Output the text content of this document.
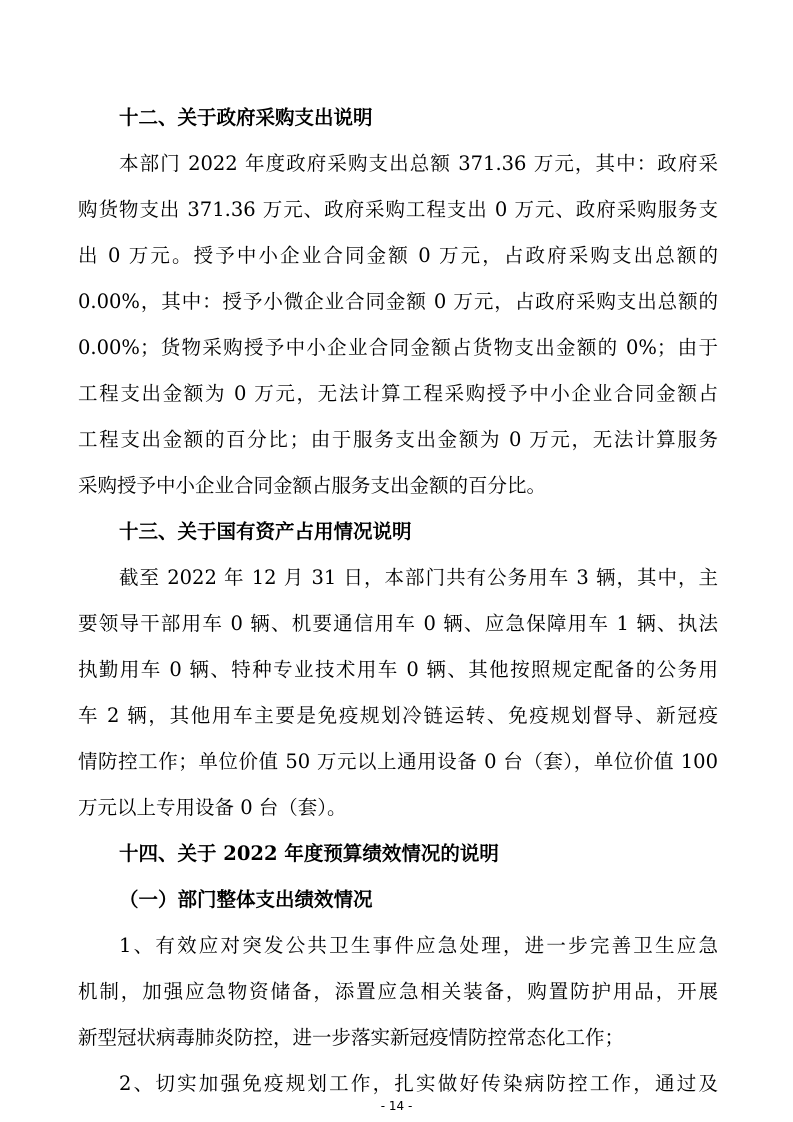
十二、关于政府采购支出说明
本部门 2022 年度政府采购支出总额 371.36 万元，其中：政府采
购货物支出 371.36 万元、政府采购工程支出 0 万元、政府采购服务支
出 0 万元。授予中小企业合同金额 0 万元，占政府采购支出总额的
0.00%，其中：授予小微企业合同金额 0 万元，占政府采购支出总额的
0.00%；货物采购授予中小企业合同金额占货物支出金额的 0%；由于
工程支出金额为 0 万元，无法计算工程采购授予中小企业合同金额占
工程支出金额的百分比；由于服务支出金额为 0 万元，无法计算服务
采购授予中小企业合同金额占服务支出金额的百分比。
十三、关于国有资产占用情况说明
截至 2022 年 12 月 31 日，本部门共有公务用车 3 辆，其中，主
要领导干部用车 0 辆、机要通信用车 0 辆、应急保障用车 1 辆、执法
执勤用车 0 辆、特种专业技术用车 0 辆、其他按照规定配备的公务用
车 2 辆，其他用车主要是免疫规划冷链运转、免疫规划督导、新冠疫
情防控工作；单位价值 50 万元以上通用设备 0 台（套），单位价值 100
万元以上专用设备 0 台（套）。
十四、关于 2022 年度预算绩效情况的说明
（一）部门整体支出绩效情况
1、有效应对突发公共卫生事件应急处理，进一步完善卫生应急
机制，加强应急物资储备，添置应急相关装备，购置防护用品，开展
新型冠状病毒肺炎防控，进一步落实新冠疫情防控常态化工作；
2、切实加强免疫规划工作，扎实做好传染病防控工作，通过及
- 14 -
